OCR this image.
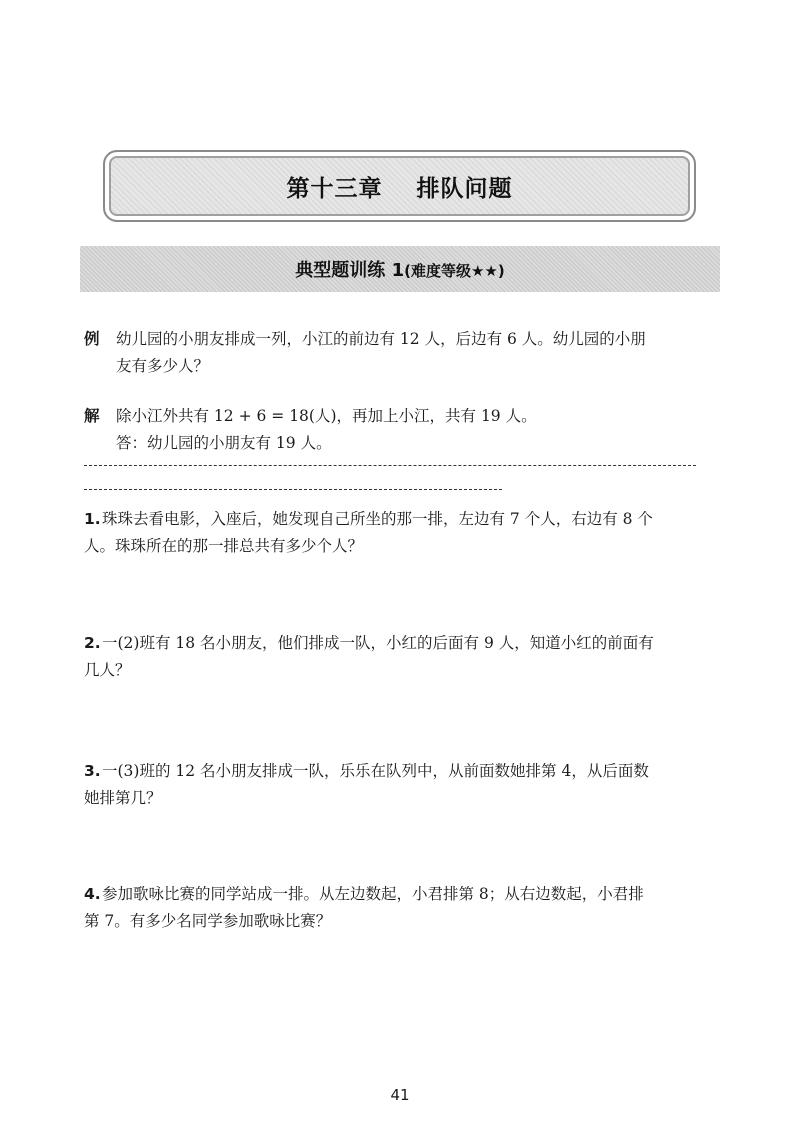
第十三章 排队问题
典型题训练 1(难度等级★★)
例	幼儿园的小朋友排成一列，小江的前边有 12 人，后边有 6 人。幼儿园的小朋
友有多少人？
解	除小江外共有 12 + 6 = 18(人)，再加上小江，共有 19 人。
答：幼儿园的小朋友有 19 人。
1. 珠珠去看电影，入座后，她发现自己所坐的那一排，左边有 7 个人，右边有 8 个
人。珠珠所在的那一排总共有多少个人？
2. 一(2)班有 18 名小朋友，他们排成一队，小红的后面有 9 人，知道小红的前面有
几人？
3. 一(3)班的 12 名小朋友排成一队，乐乐在队列中，从前面数她排第 4，从后面数
她排第几？
4. 参加歌咏比赛的同学站成一排。从左边数起，小君排第 8；从右边数起，小君排
第 7。有多少名同学参加歌咏比赛？
41
